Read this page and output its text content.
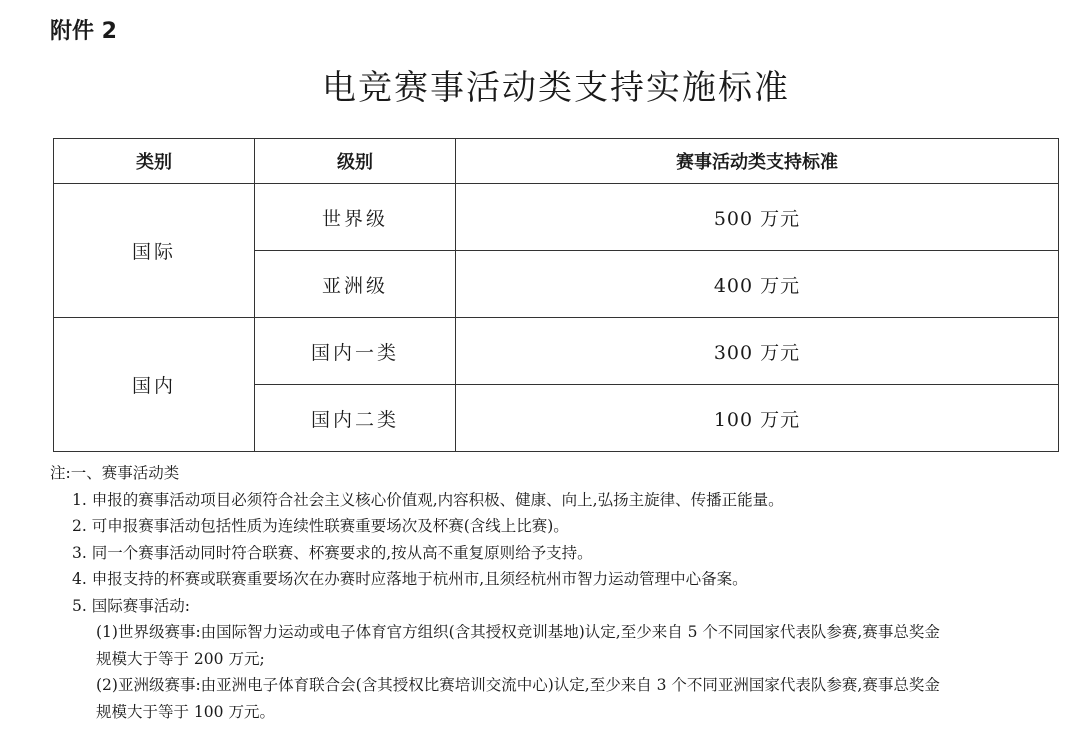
附件 2
电竞赛事活动类支持实施标准
类别	级别	赛事活动类支持标准
国际	世界级	500 万元
	亚洲级	400 万元
国内	国内一类	300 万元
	国内二类	100 万元
注:一、赛事活动类
1. 申报的赛事活动项目必须符合社会主义核心价值观,内容积极、健康、向上,弘扬主旋律、传播正能量。
2. 可申报赛事活动包括性质为连续性联赛重要场次及杯赛(含线上比赛)。
3. 同一个赛事活动同时符合联赛、杯赛要求的,按从高不重复原则给予支持。
4. 申报支持的杯赛或联赛重要场次在办赛时应落地于杭州市,且须经杭州市智力运动管理中心备案。
5. 国际赛事活动:
(1)世界级赛事:由国际智力运动或电子体育官方组织(含其授权竞训基地)认定,至少来自 5 个不同国家代表队参赛,赛事总奖金
规模大于等于 200 万元;
(2)亚洲级赛事:由亚洲电子体育联合会(含其授权比赛培训交流中心)认定,至少来自 3 个不同亚洲国家代表队参赛,赛事总奖金
规模大于等于 100 万元。
